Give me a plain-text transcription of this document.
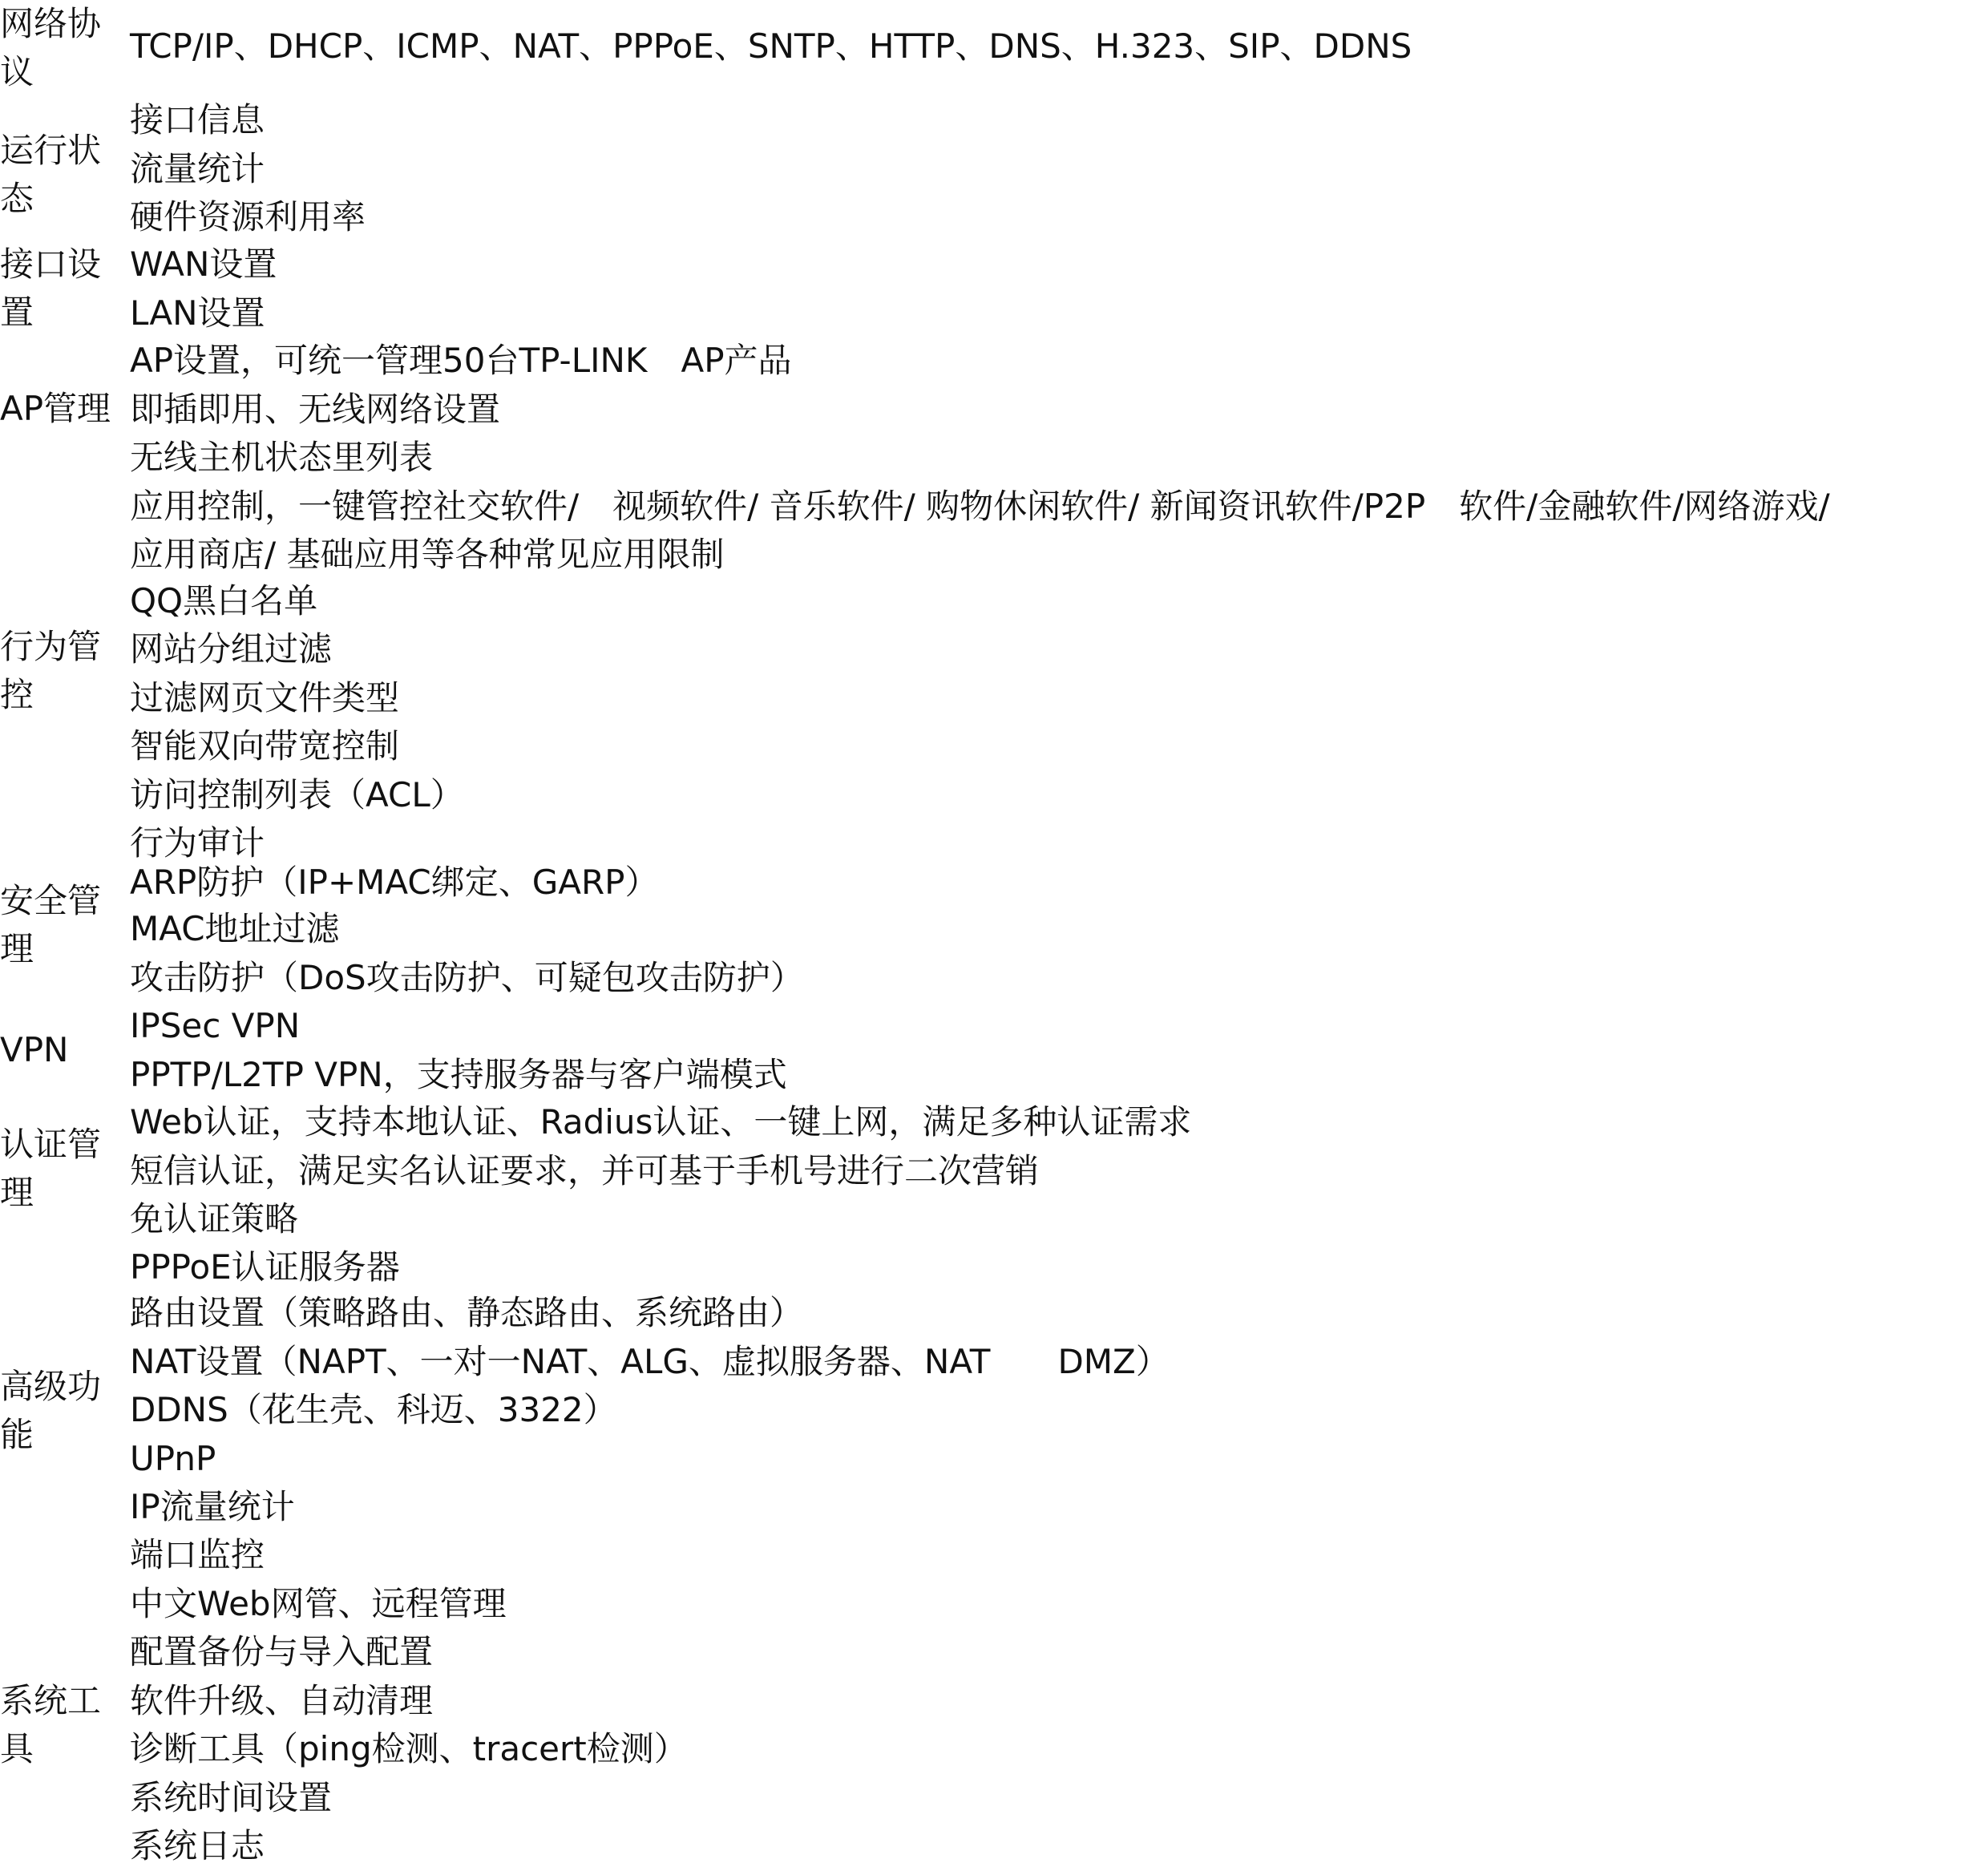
网络协
议
TCP/IP、DHCP、ICMP、NAT、PPPoE、SNTP、HTTP、DNS、H.323、SIP、DDNS
运行状
态
接口信息
流量统计
硬件资源利用率
接口设
置
WAN设置
LAN设置
AP管理
AP设置，可统一管理50台TP-LINK　AP产品
即插即用、无线网络设置
无线主机状态里列表
行为管
控
应用控制，一键管控社交软件/　视频软件/ 音乐软件/ 购物休闲软件/ 新闻资讯软件/P2P　软件/金融软件/网络游戏/
应用商店/ 基础应用等各种常见应用限制
QQ黑白名单
网站分组过滤
过滤网页文件类型
智能双向带宽控制
访问控制列表（ACL）
行为审计
安全管
理
ARP防护（IP+MAC绑定、GARP）
MAC地址过滤
攻击防护（DoS攻击防护、可疑包攻击防护）
VPN
IPSec VPN
PPTP/L2TP VPN，支持服务器与客户端模式
认证管
理
Web认证，支持本地认证、Radius认证、一键上网，满足多种认证需求
短信认证，满足实名认证要求，并可基于手机号进行二次营销
免认证策略
PPPoE认证服务器
高级功
能
路由设置（策略路由、静态路由、系统路由）
NAT设置（NAPT、一对一NAT、ALG、虚拟服务器、NAT　　DMZ）
DDNS（花生壳、科迈、3322）
UPnP
IP流量统计
系统工
具
端口监控
中文Web网管、远程管理
配置备份与导入配置
软件升级、自动清理
诊断工具（ping检测、tracert检测）
系统时间设置
系统日志
